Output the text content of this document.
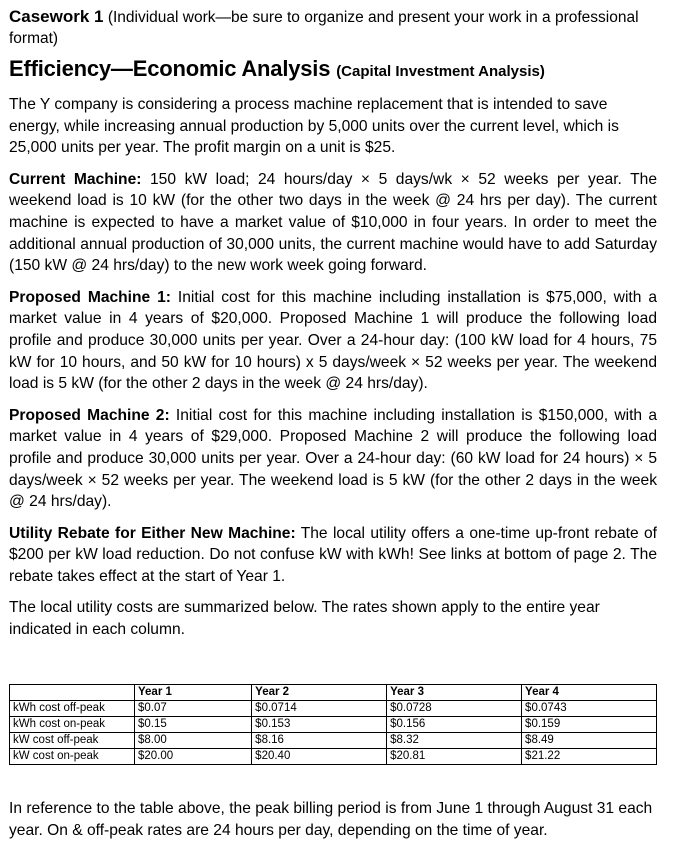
Casework 1 (Individual work—be sure to organize and present your work in a professional format)
Efficiency—Economic Analysis (Capital Investment Analysis)

The Y company is considering a process machine replacement that is intended to save energy, while increasing annual production by 5,000 units over the current level, which is 25,000 units per year. The profit margin on a unit is $25.

Current Machine: 150 kW load; 24 hours/day × 5 days/wk × 52 weeks per year. The weekend load is 10 kW (for the other two days in the week @ 24 hrs per day). The current machine is expected to have a market value of $10,000 in four years. In order to meet the additional annual production of 30,000 units, the current machine would have to add Saturday (150 kW @ 24 hrs/day) to the new work week going forward.

Proposed Machine 1: Initial cost for this machine including installation is $75,000, with a market value in 4 years of $20,000. Proposed Machine 1 will produce the following load profile and produce 30,000 units per year. Over a 24-hour day: (100 kW load for 4 hours, 75 kW for 10 hours, and 50 kW for 10 hours) x 5 days/week × 52 weeks per year. The weekend load is 5 kW (for the other 2 days in the week @ 24 hrs/day).

Proposed Machine 2: Initial cost for this machine including installation is $150,000, with a market value in 4 years of $29,000. Proposed Machine 2 will produce the following load profile and produce 30,000 units per year. Over a 24-hour day: (60 kW load for 24 hours) × 5 days/week × 52 weeks per year. The weekend load is 5 kW (for the other 2 days in the week @ 24 hrs/day).

Utility Rebate for Either New Machine: The local utility offers a one-time up-front rebate of $200 per kW load reduction. Do not confuse kW with kWh! See links at bottom of page 2. The rebate takes effect at the start of Year 1.

The local utility costs are summarized below. The rates shown apply to the entire year indicated in each column.

	Year 1	Year 2	Year 3	Year 4
kWh cost off-peak	$0.07	$0.0714	$0.0728	$0.0743
kWh cost on-peak	$0.15	$0.153	$0.156	$0.159
kW cost off-peak	$8.00	$8.16	$8.32	$8.49
kW cost on-peak	$20.00	$20.40	$20.81	$21.22

In reference to the table above, the peak billing period is from June 1 through August 31 each year. On & off-peak rates are 24 hours per day, depending on the time of year.
